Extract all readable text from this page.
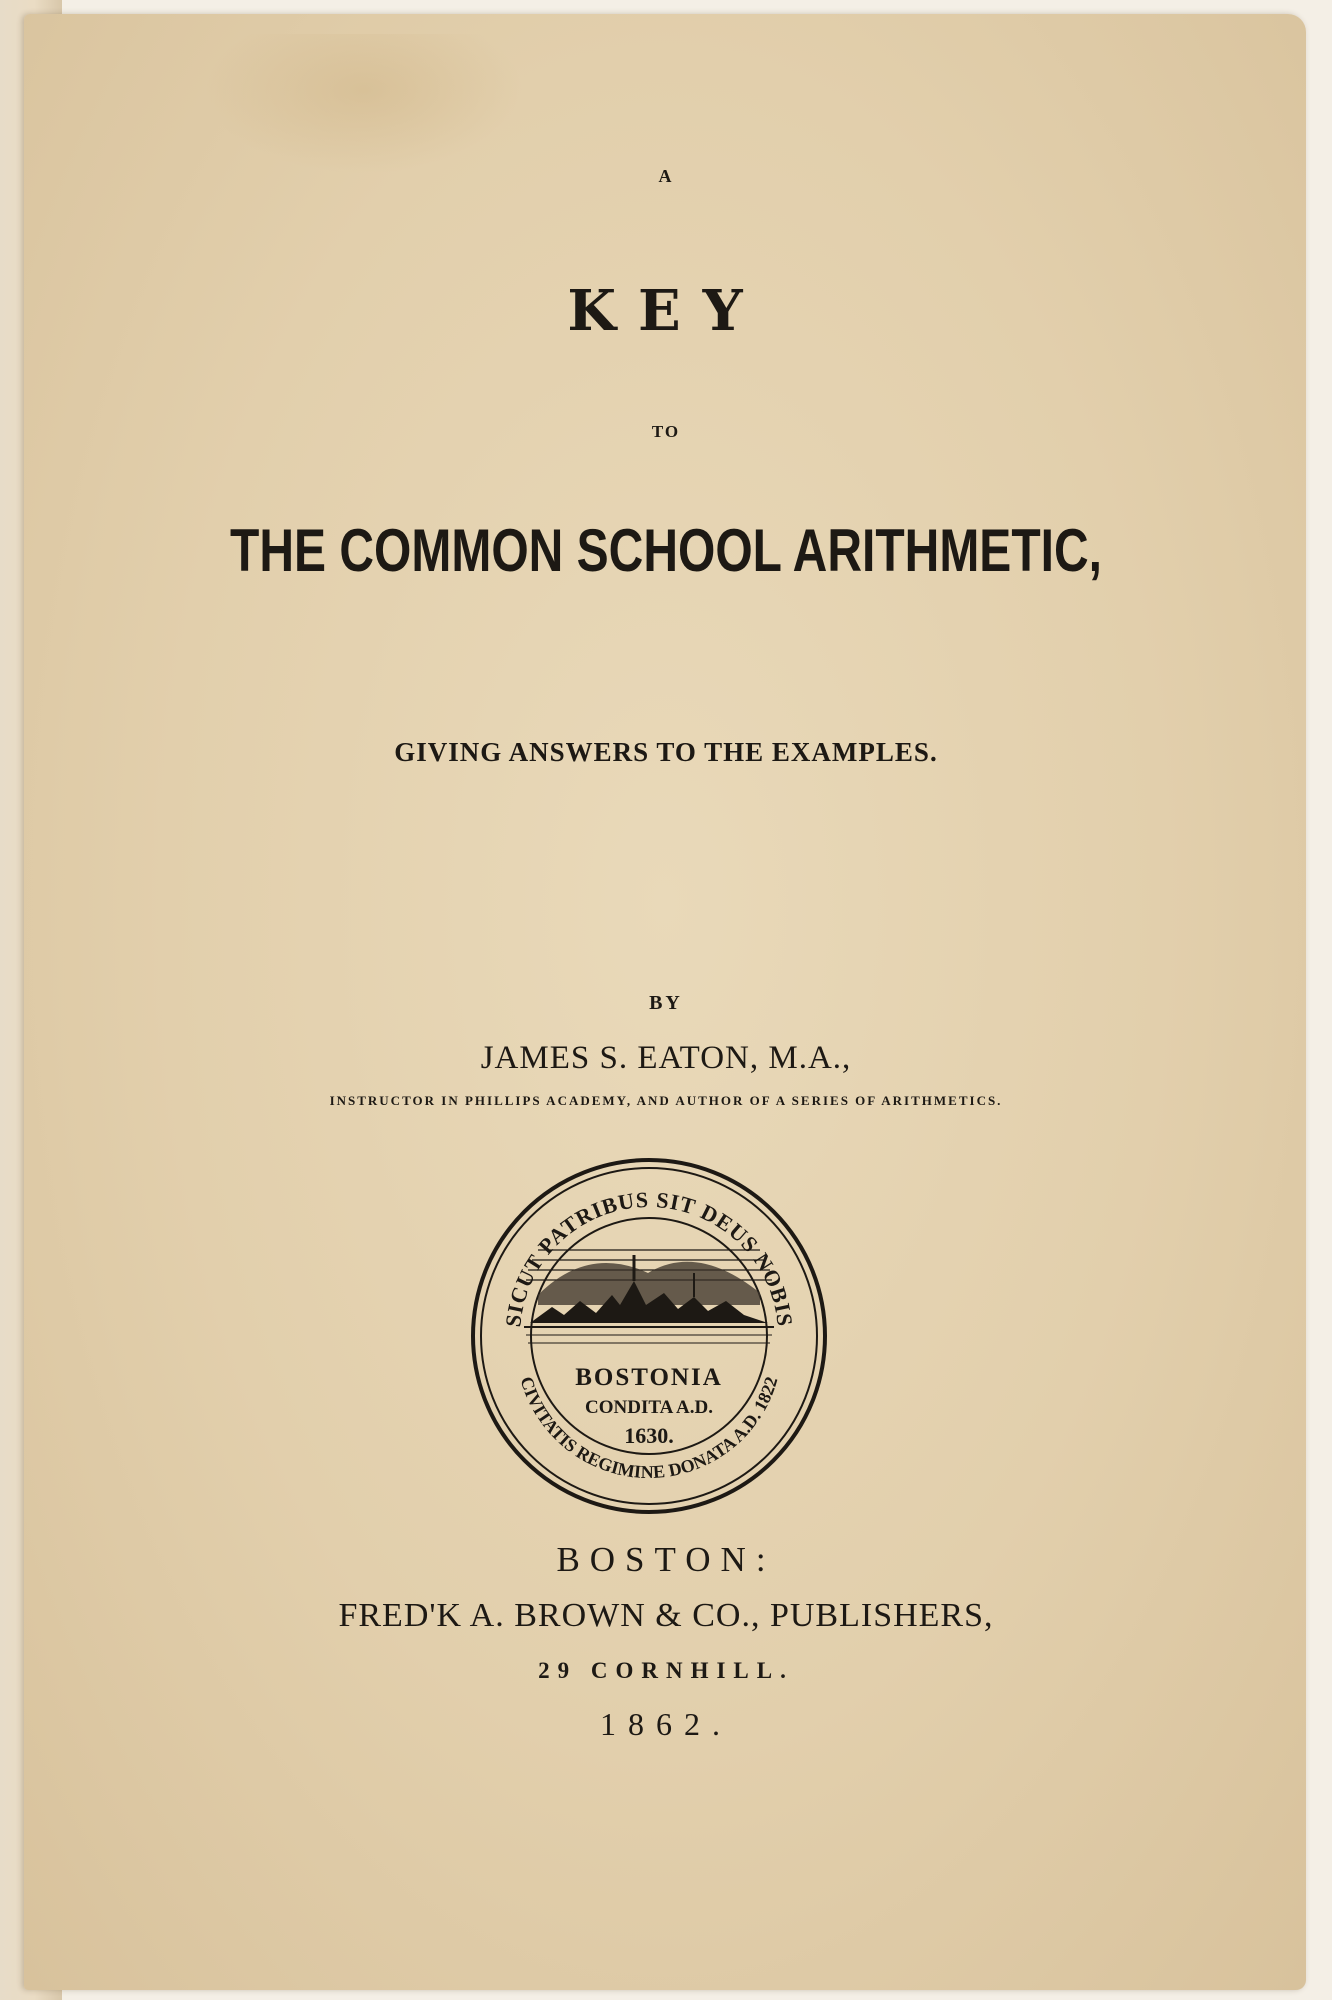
A
KEY
TO
THE COMMON SCHOOL ARITHMETIC,
GIVING ANSWERS TO THE EXAMPLES.
BY
JAMES S. EATON, M.A.,
INSTRUCTOR IN PHILLIPS ACADEMY, AND AUTHOR OF A SERIES OF ARITHMETICS.
SICUT PATRIBUS SIT DEUS NOBIS
CIVITATIS REGIMINE DONATA A.D. 1822
BOSTONIA
CONDITA A.D.
1630.
BOSTON:
FRED'K A. BROWN & CO., PUBLISHERS,
29 CORNHILL.
1862.
